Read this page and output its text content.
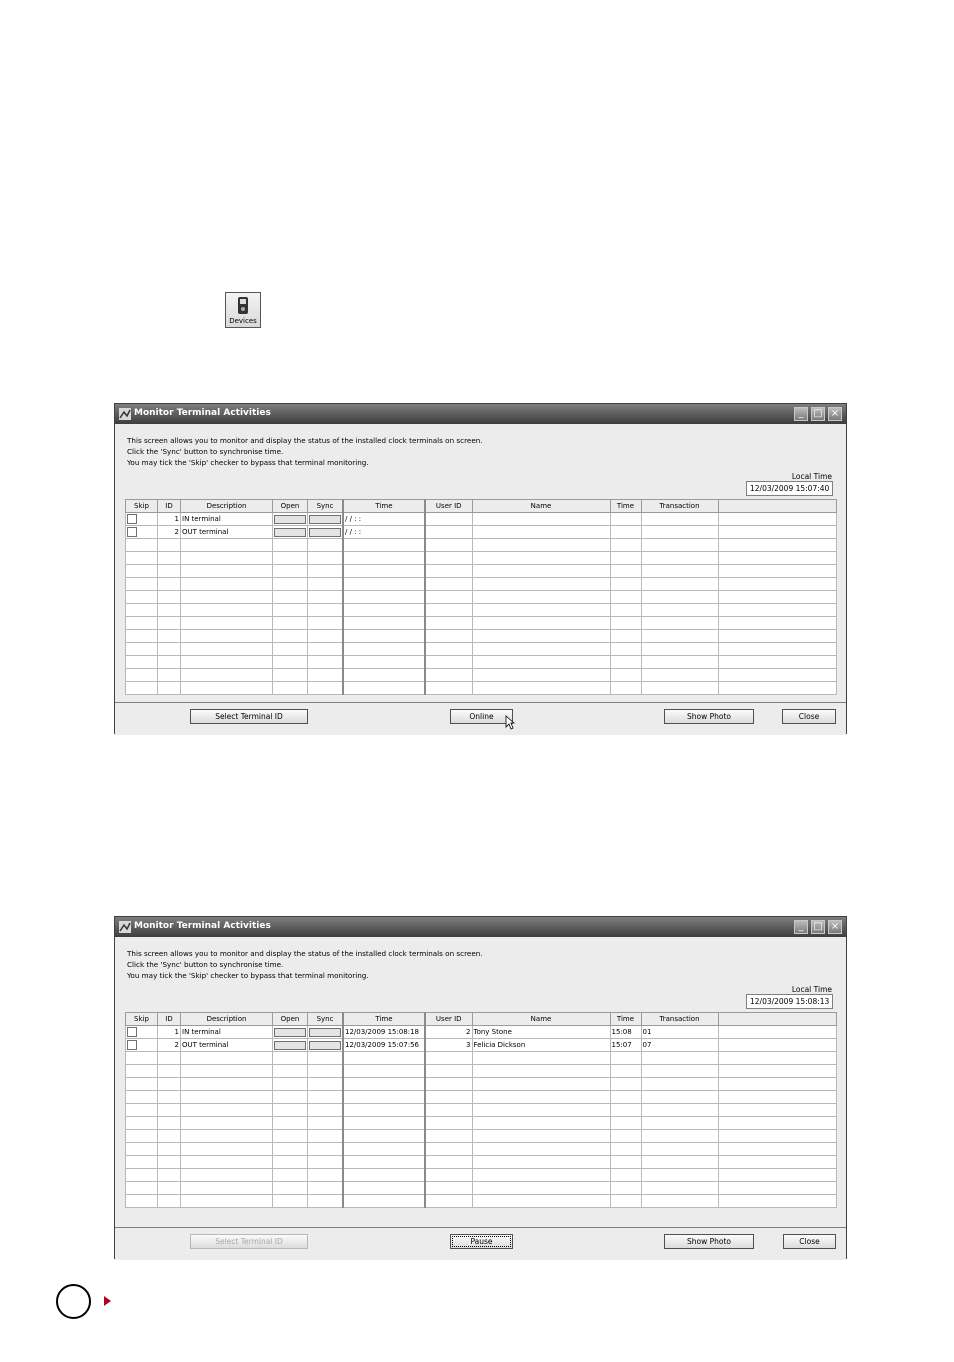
Devices
Monitor Terminal Activities	_ □ ×
This screen allows you to monitor and display the status of the installed clock terminals on screen.
Click the 'Sync' button to synchronise time.
You may tick the 'Skip' checker to bypass that terminal monitoring.
Local Time
12/03/2009 15:07:40
Skip	ID	Description	Open	Sync	Time	User ID	Name	Time	Transaction	
	1	IN terminal			/ / : :					
	2	OUT terminal			/ / : :					

Select Terminal ID	Online	Show Photo	Close
Monitor Terminal Activities	_ □ ×
This screen allows you to monitor and display the status of the installed clock terminals on screen.
Click the 'Sync' button to synchronise time.
You may tick the 'Skip' checker to bypass that terminal monitoring.
Local Time
12/03/2009 15:08:13
Skip	ID	Description	Open	Sync	Time	User ID	Name	Time	Transaction	
	1	IN terminal			12/03/2009 15:08:18	2	Tony Stone	15:08	01	
	2	OUT terminal			12/03/2009 15:07:56	3	Felicia Dickson	15:07	07	

Select Terminal ID	Pause	Show Photo	Close
